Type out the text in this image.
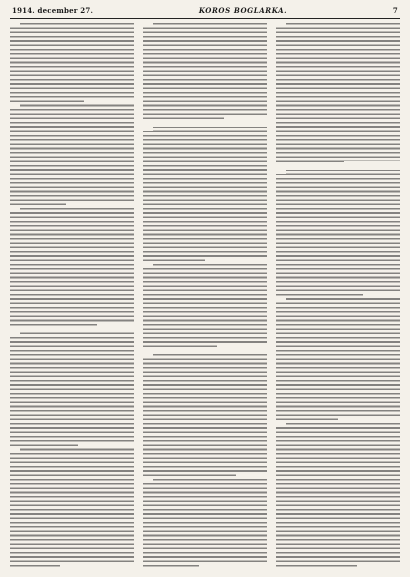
1914. december 27.	KOROS BOGLARKA.	7
